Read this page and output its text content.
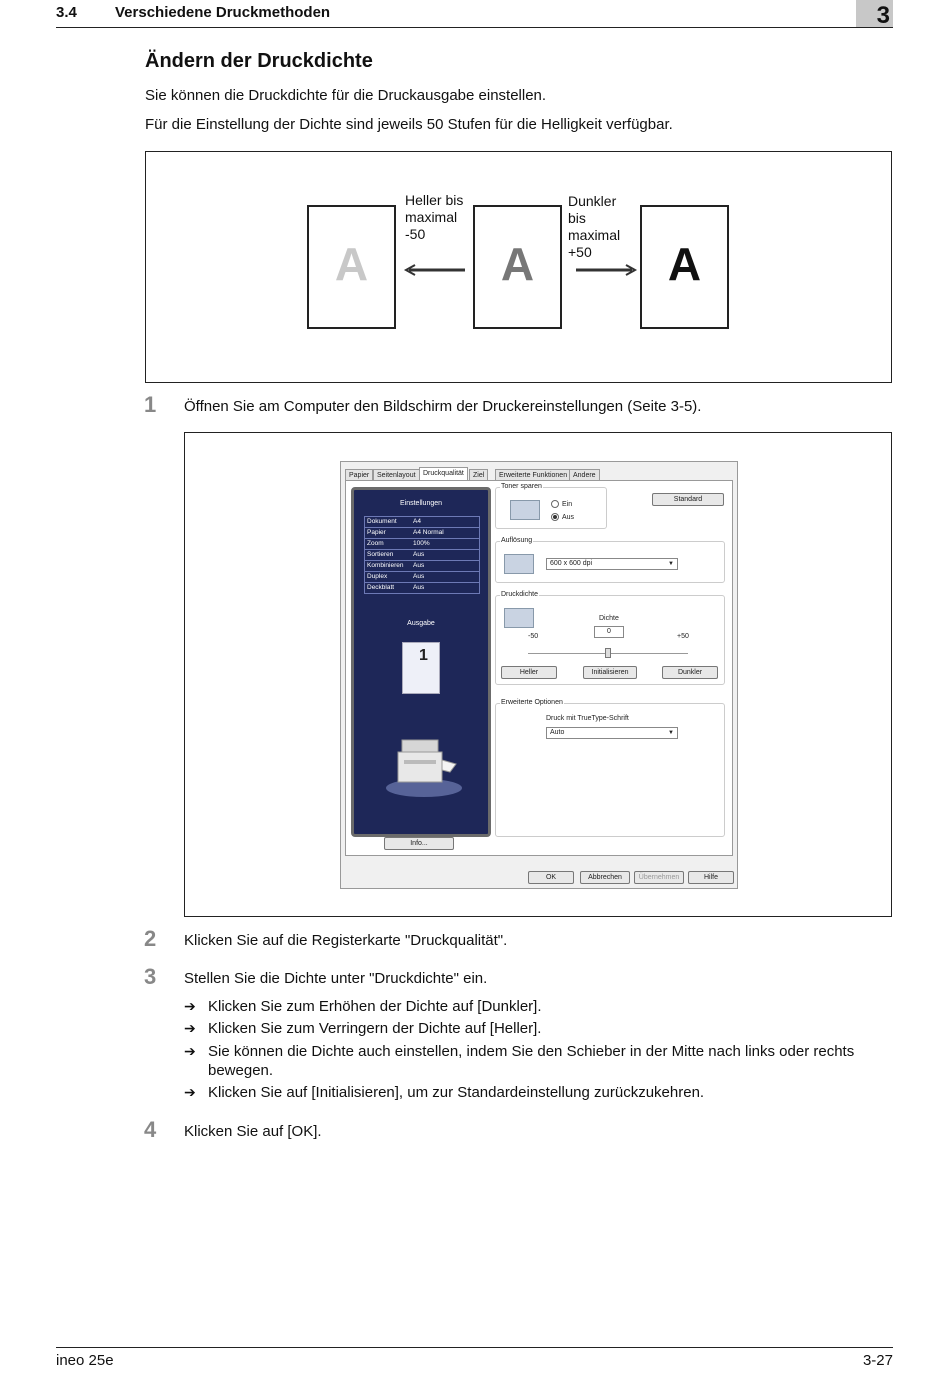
3.4	Verschiedene Druckmethoden	3
Ändern der Druckdichte
Sie können die Druckdichte für die Druckausgabe einstellen.
Für die Einstellung der Dichte sind jeweils 50 Stufen für die Helligkeit verfügbar.
A	A	A
Heller bis
maximal
-50
Dunkler bis
maximal
+50
1 Öffnen Sie am Computer den Bildschirm der Druckereinstellungen (Seite 3-5).
Papier	Seitenlayout	Druckqualität	Ziel	Erweiterte Funktionen Andere
Einstellungen
Dokument	A4
Papier	A4 Normal
Zoom	100%
Sortieren	Aus
Kombinieren Aus
Duplex	Aus
Deckblatt	Aus
Ausgabe
1
Info...
Toner sparen
Ein
Aus
Standard
Auflösung
600 x 600 dpi	▼
Druckdichte
Dichte
0
-50	+50
Heller	Initialisieren	Dunkler
Erweiterte Optionen
Druck mit TrueType-Schrift
Auto	▼
OK	Abbrechen	Übernehmen	Hilfe
2 Klicken Sie auf die Registerkarte "Druckqualität".
3 Stellen Sie die Dichte unter "Druckdichte" ein.
➔ Klicken Sie zum Erhöhen der Dichte auf [Dunkler].
➔ Klicken Sie zum Verringern der Dichte auf [Heller].
➔ Sie können die Dichte auch einstellen, indem Sie den Schieber in der Mitte nach links oder rechts bewegen.
➔ Klicken Sie auf [Initialisieren], um zur Standardeinstellung zurückzukehren.
4 Klicken Sie auf [OK].
ineo 25e	3-27
